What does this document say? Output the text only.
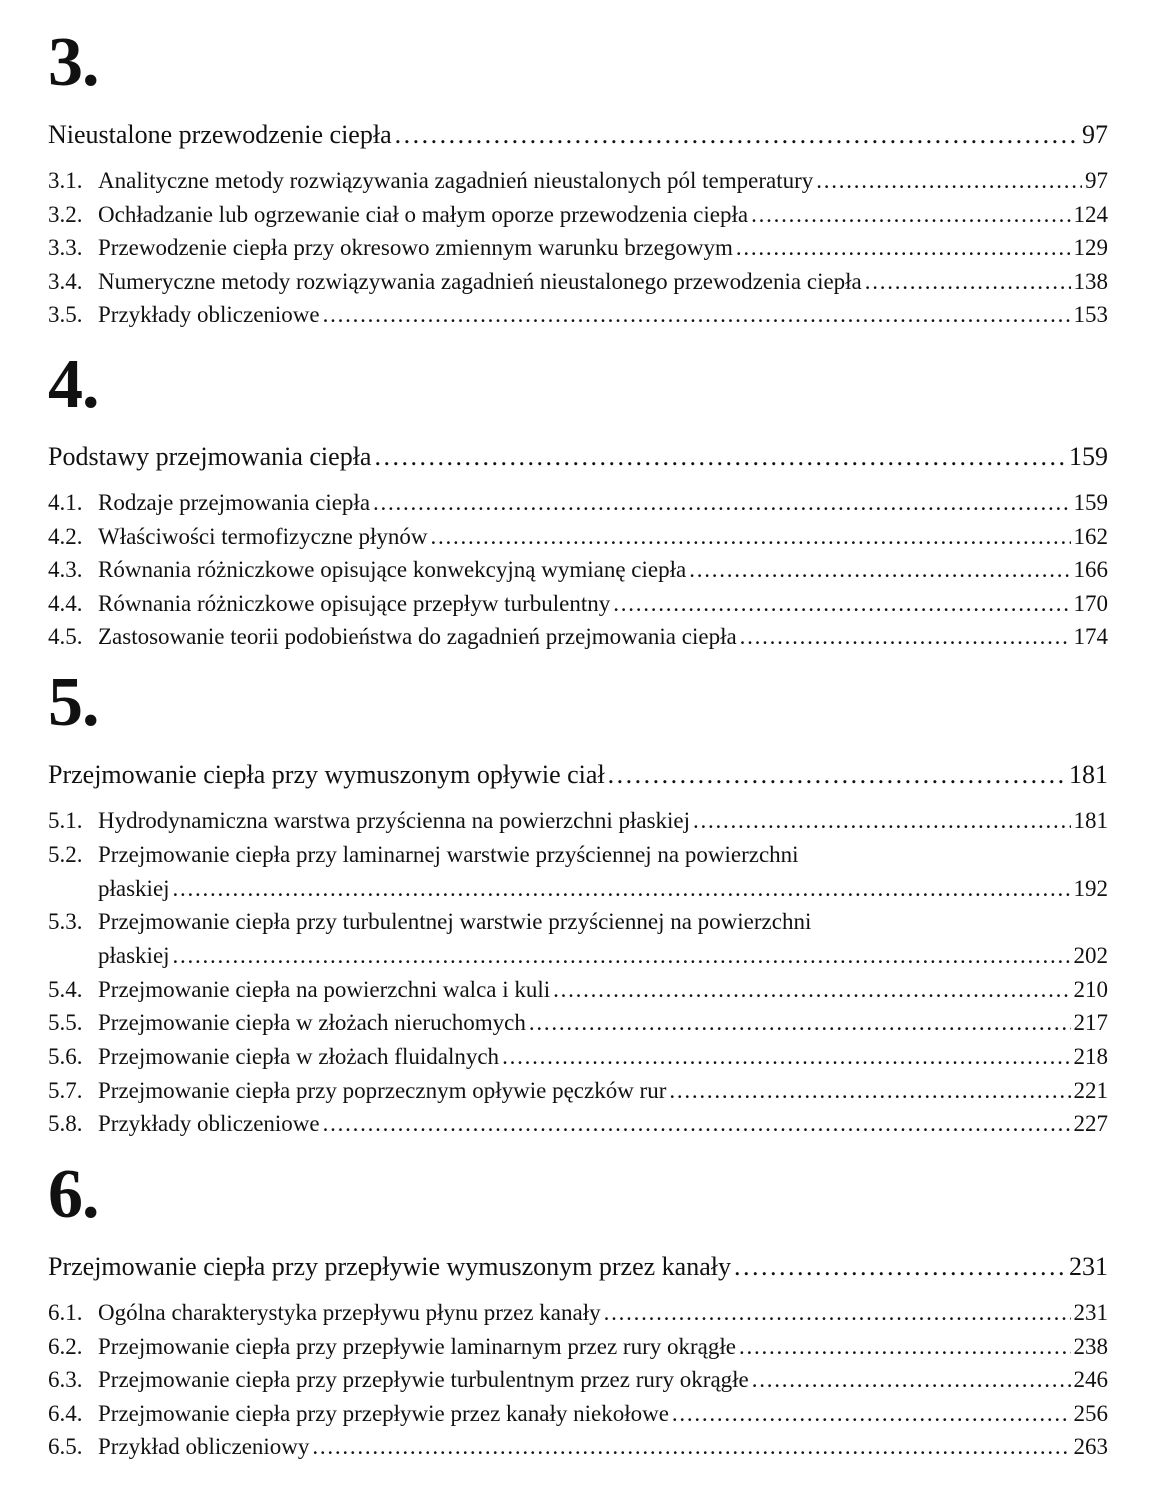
3.
Nieustalone przewodzenie ciepła . . .	97
3.1. Analityczne metody rozwiązywania zagadnień nieustalonych pól temperatury . . .	97
3.2. Ochładzanie lub ogrzewanie ciał o małym oporze przewodzenia ciepła . . .	124
3.3. Przewodzenie ciepła przy okresowo zmiennym warunku brzegowym . . .	129
3.4. Numeryczne metody rozwiązywania zagadnień nieustalonego przewodzenia ciepła . . .	138
3.5. Przykłady obliczeniowe . . .	153
4.
Podstawy przejmowania ciepła . . .	159
4.1. Rodzaje przejmowania ciepła . . .	159
4.2. Właściwości termofizyczne płynów . . .	162
4.3. Równania różniczkowe opisujące konwekcyjną wymianę ciepła . . .	166
4.4. Równania różniczkowe opisujące przepływ turbulentny . . .	170
4.5. Zastosowanie teorii podobieństwa do zagadnień przejmowania ciepła . . .	174
5.
Przejmowanie ciepła przy wymuszonym opływie ciał . . .	181
5.1. Hydrodynamiczna warstwa przyścienna na powierzchni płaskiej . . .	181
5.2. Przejmowanie ciepła przy laminarnej warstwie przyściennej na powierzchni
płaskiej . . .	192
5.3. Przejmowanie ciepła przy turbulentnej warstwie przyściennej na powierzchni
płaskiej . . .	202
5.4. Przejmowanie ciepła na powierzchni walca i kuli . . .	210
5.5. Przejmowanie ciepła w złożach nieruchomych . . .	217
5.6. Przejmowanie ciepła w złożach fluidalnych . . .	218
5.7. Przejmowanie ciepła przy poprzecznym opływie pęczków rur . . .	221
5.8. Przykłady obliczeniowe . . .	227
6.
Przejmowanie ciepła przy przepływie wymuszonym przez kanały . . .	231
6.1. Ogólna charakterystyka przepływu płynu przez kanały . . .	231
6.2. Przejmowanie ciepła przy przepływie laminarnym przez rury okrągłe . . .	238
6.3. Przejmowanie ciepła przy przepływie turbulentnym przez rury okrągłe . . .	246
6.4. Przejmowanie ciepła przy przepływie przez kanały niekołowe . . .	256
6.5. Przykład obliczeniowy . . .	263
